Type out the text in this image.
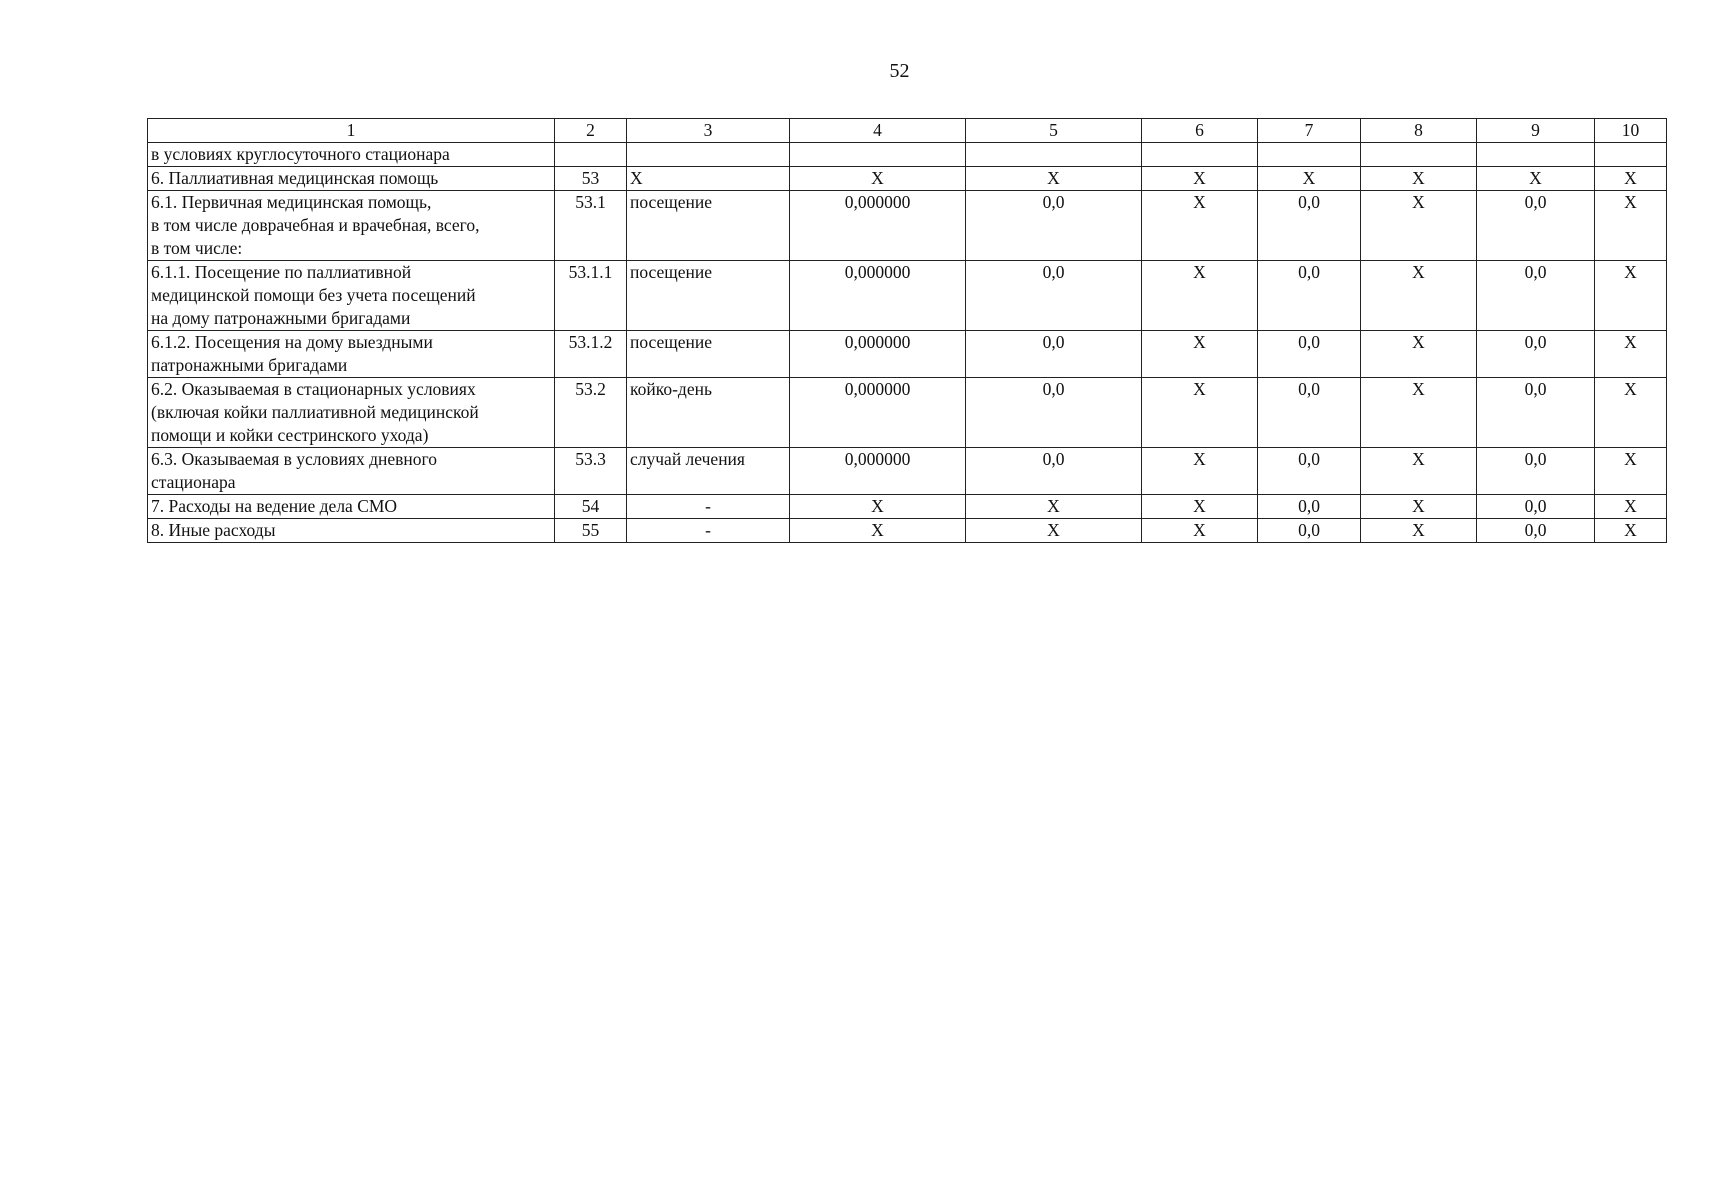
52
1	2	3	4	5	6	7	8	9	10

в условиях круглосуточного стационара									

6. Паллиативная медицинская помощь	53	Х	Х	Х	Х	Х	Х	Х	Х

6.1. Первичная медицинская помощь,
в том числе доврачебная и врачебная, всего,
в том числе:	53.1	посещение	0,000000	0,0	Х	0,0	Х	0,0	Х

6.1.1. Посещение по паллиативной
медицинской помощи без учета посещений
на дому патронажными бригадами	53.1.1	посещение	0,000000	0,0	Х	0,0	Х	0,0	Х

6.1.2. Посещения на дому выездными
патронажными бригадами	53.1.2	посещение	0,000000	0,0	Х	0,0	Х	0,0	Х

6.2. Оказываемая в стационарных условиях
(включая койки паллиативной медицинской
помощи и койки сестринского ухода)	53.2	койко-день	0,000000	0,0	Х	0,0	Х	0,0	Х

6.3. Оказываемая в условиях дневного
стационара	53.3	случай лечения	0,000000	0,0	Х	0,0	Х	0,0	Х

7. Расходы на ведение дела СМО	54	-	Х	Х	Х	0,0	Х	0,0	Х

8. Иные расходы	55	-	Х	Х	Х	0,0	Х	0,0	Х
